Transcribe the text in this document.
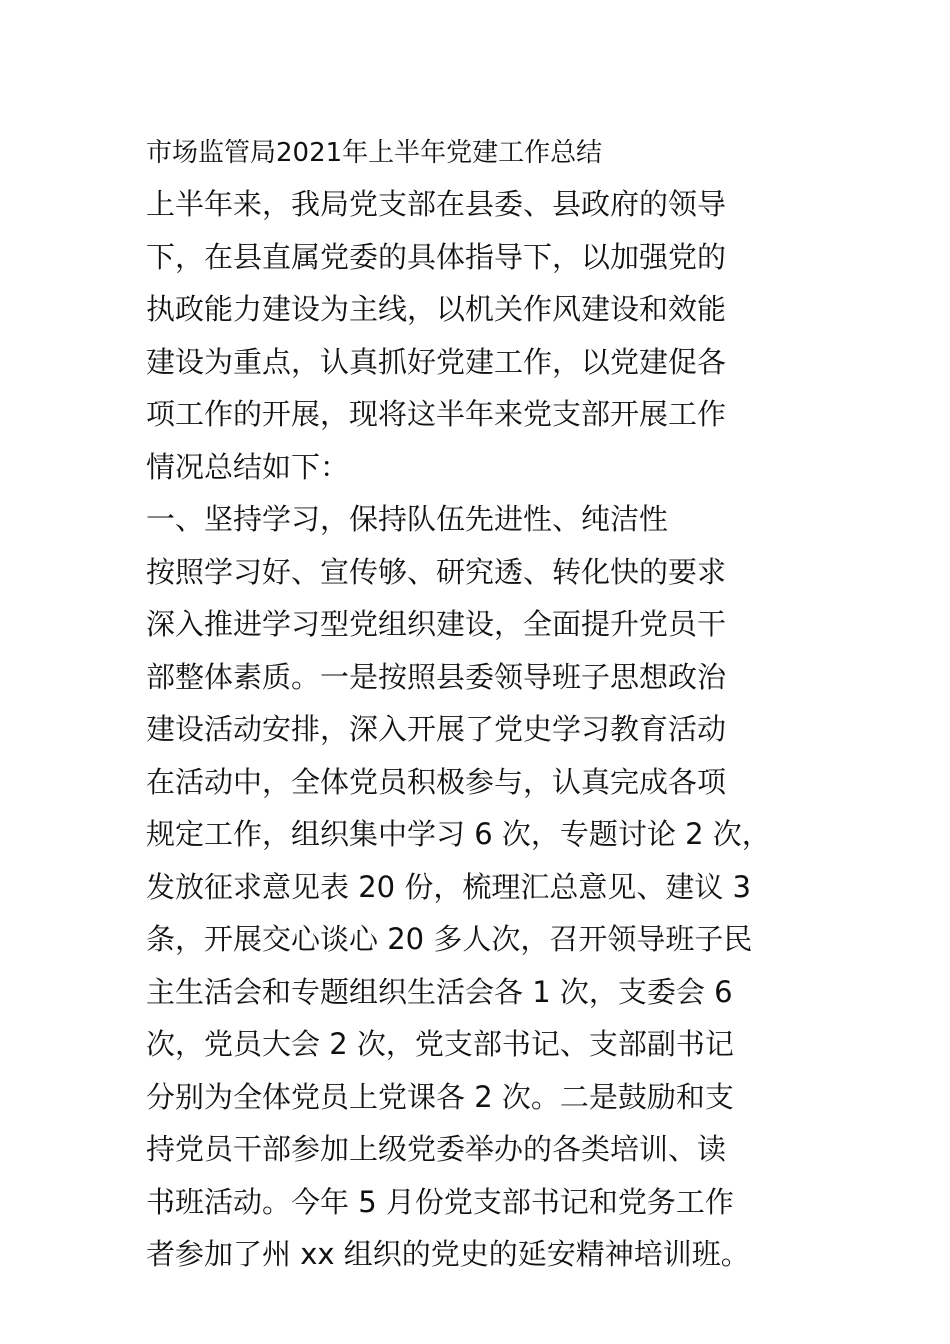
市场监管局2021年上半年党建工作总结

上半年来，我局党支部在县委、县政府的领导
下，在县直属党委的具体指导下，以加强党的
执政能力建设为主线，以机关作风建设和效能
建设为重点，认真抓好党建工作，以党建促各
项工作的开展，现将这半年来党支部开展工作
情况总结如下：

一、坚持学习，保持队伍先进性、纯洁性

按照学习好、宣传够、研究透、转化快的要求
深入推进学习型党组织建设，全面提升党员干
部整体素质。一是按照县委领导班子思想政治
建设活动安排，深入开展了党史学习教育活动
在活动中，全体党员积极参与，认真完成各项
规定工作，组织集中学习 6 次，专题讨论 2 次，
发放征求意见表 20 份，梳理汇总意见、建议 3
条，开展交心谈心 20 多人次，召开领导班子民
主生活会和专题组织生活会各 1 次，支委会 6
次，党员大会 2 次，党支部书记、支部副书记
分别为全体党员上党课各 2 次。二是鼓励和支
持党员干部参加上级党委举办的各类培训、读
书班活动。今年 5 月份党支部书记和党务工作
者参加了州 xx 组织的党史的延安精神培训班。
